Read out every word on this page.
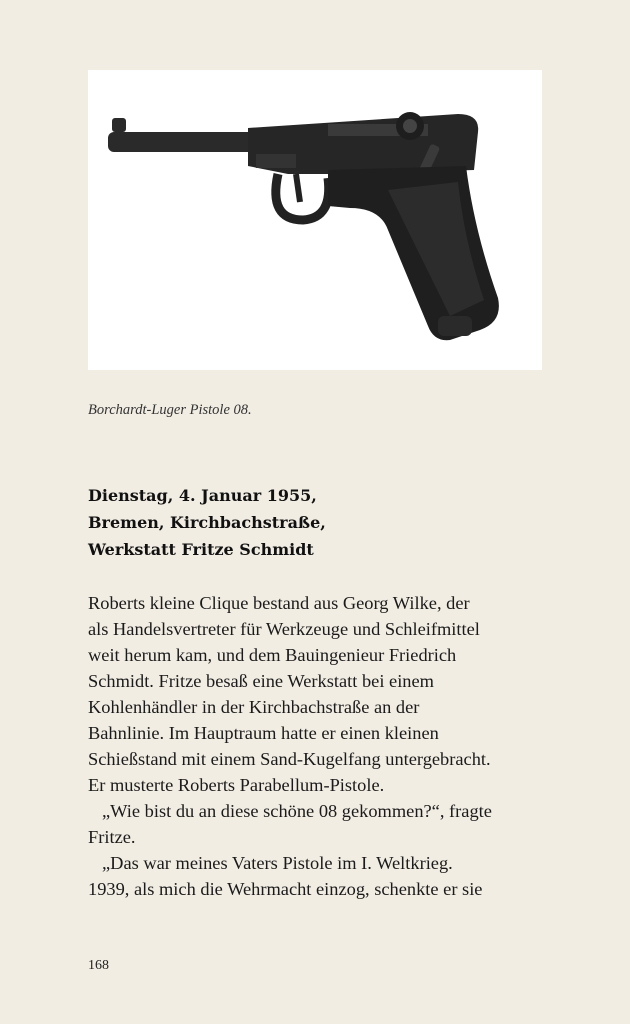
Borchardt-Luger Pistole 08.
Dienstag, 4. Januar 1955,
Bremen, Kirchbachstraße,
Werkstatt Fritze Schmidt
Roberts kleine Clique bestand aus Georg Wilke, der
als Handelsvertreter für Werkzeuge und Schleifmittel
weit herum kam, und dem Bauingenieur Friedrich
Schmidt. Fritze besaß eine Werkstatt bei einem
Kohlenhändler in der Kirchbachstraße an der
Bahnlinie. Im Hauptraum hatte er einen kleinen
Schießstand mit einem Sand-Kugelfang untergebracht.
Er musterte Roberts Parabellum-Pistole.
„Wie bist du an diese schöne 08 gekommen?“, fragte
Fritze.
„Das war meines Vaters Pistole im I. Weltkrieg.
1939, als mich die Wehrmacht einzog, schenkte er sie
168
